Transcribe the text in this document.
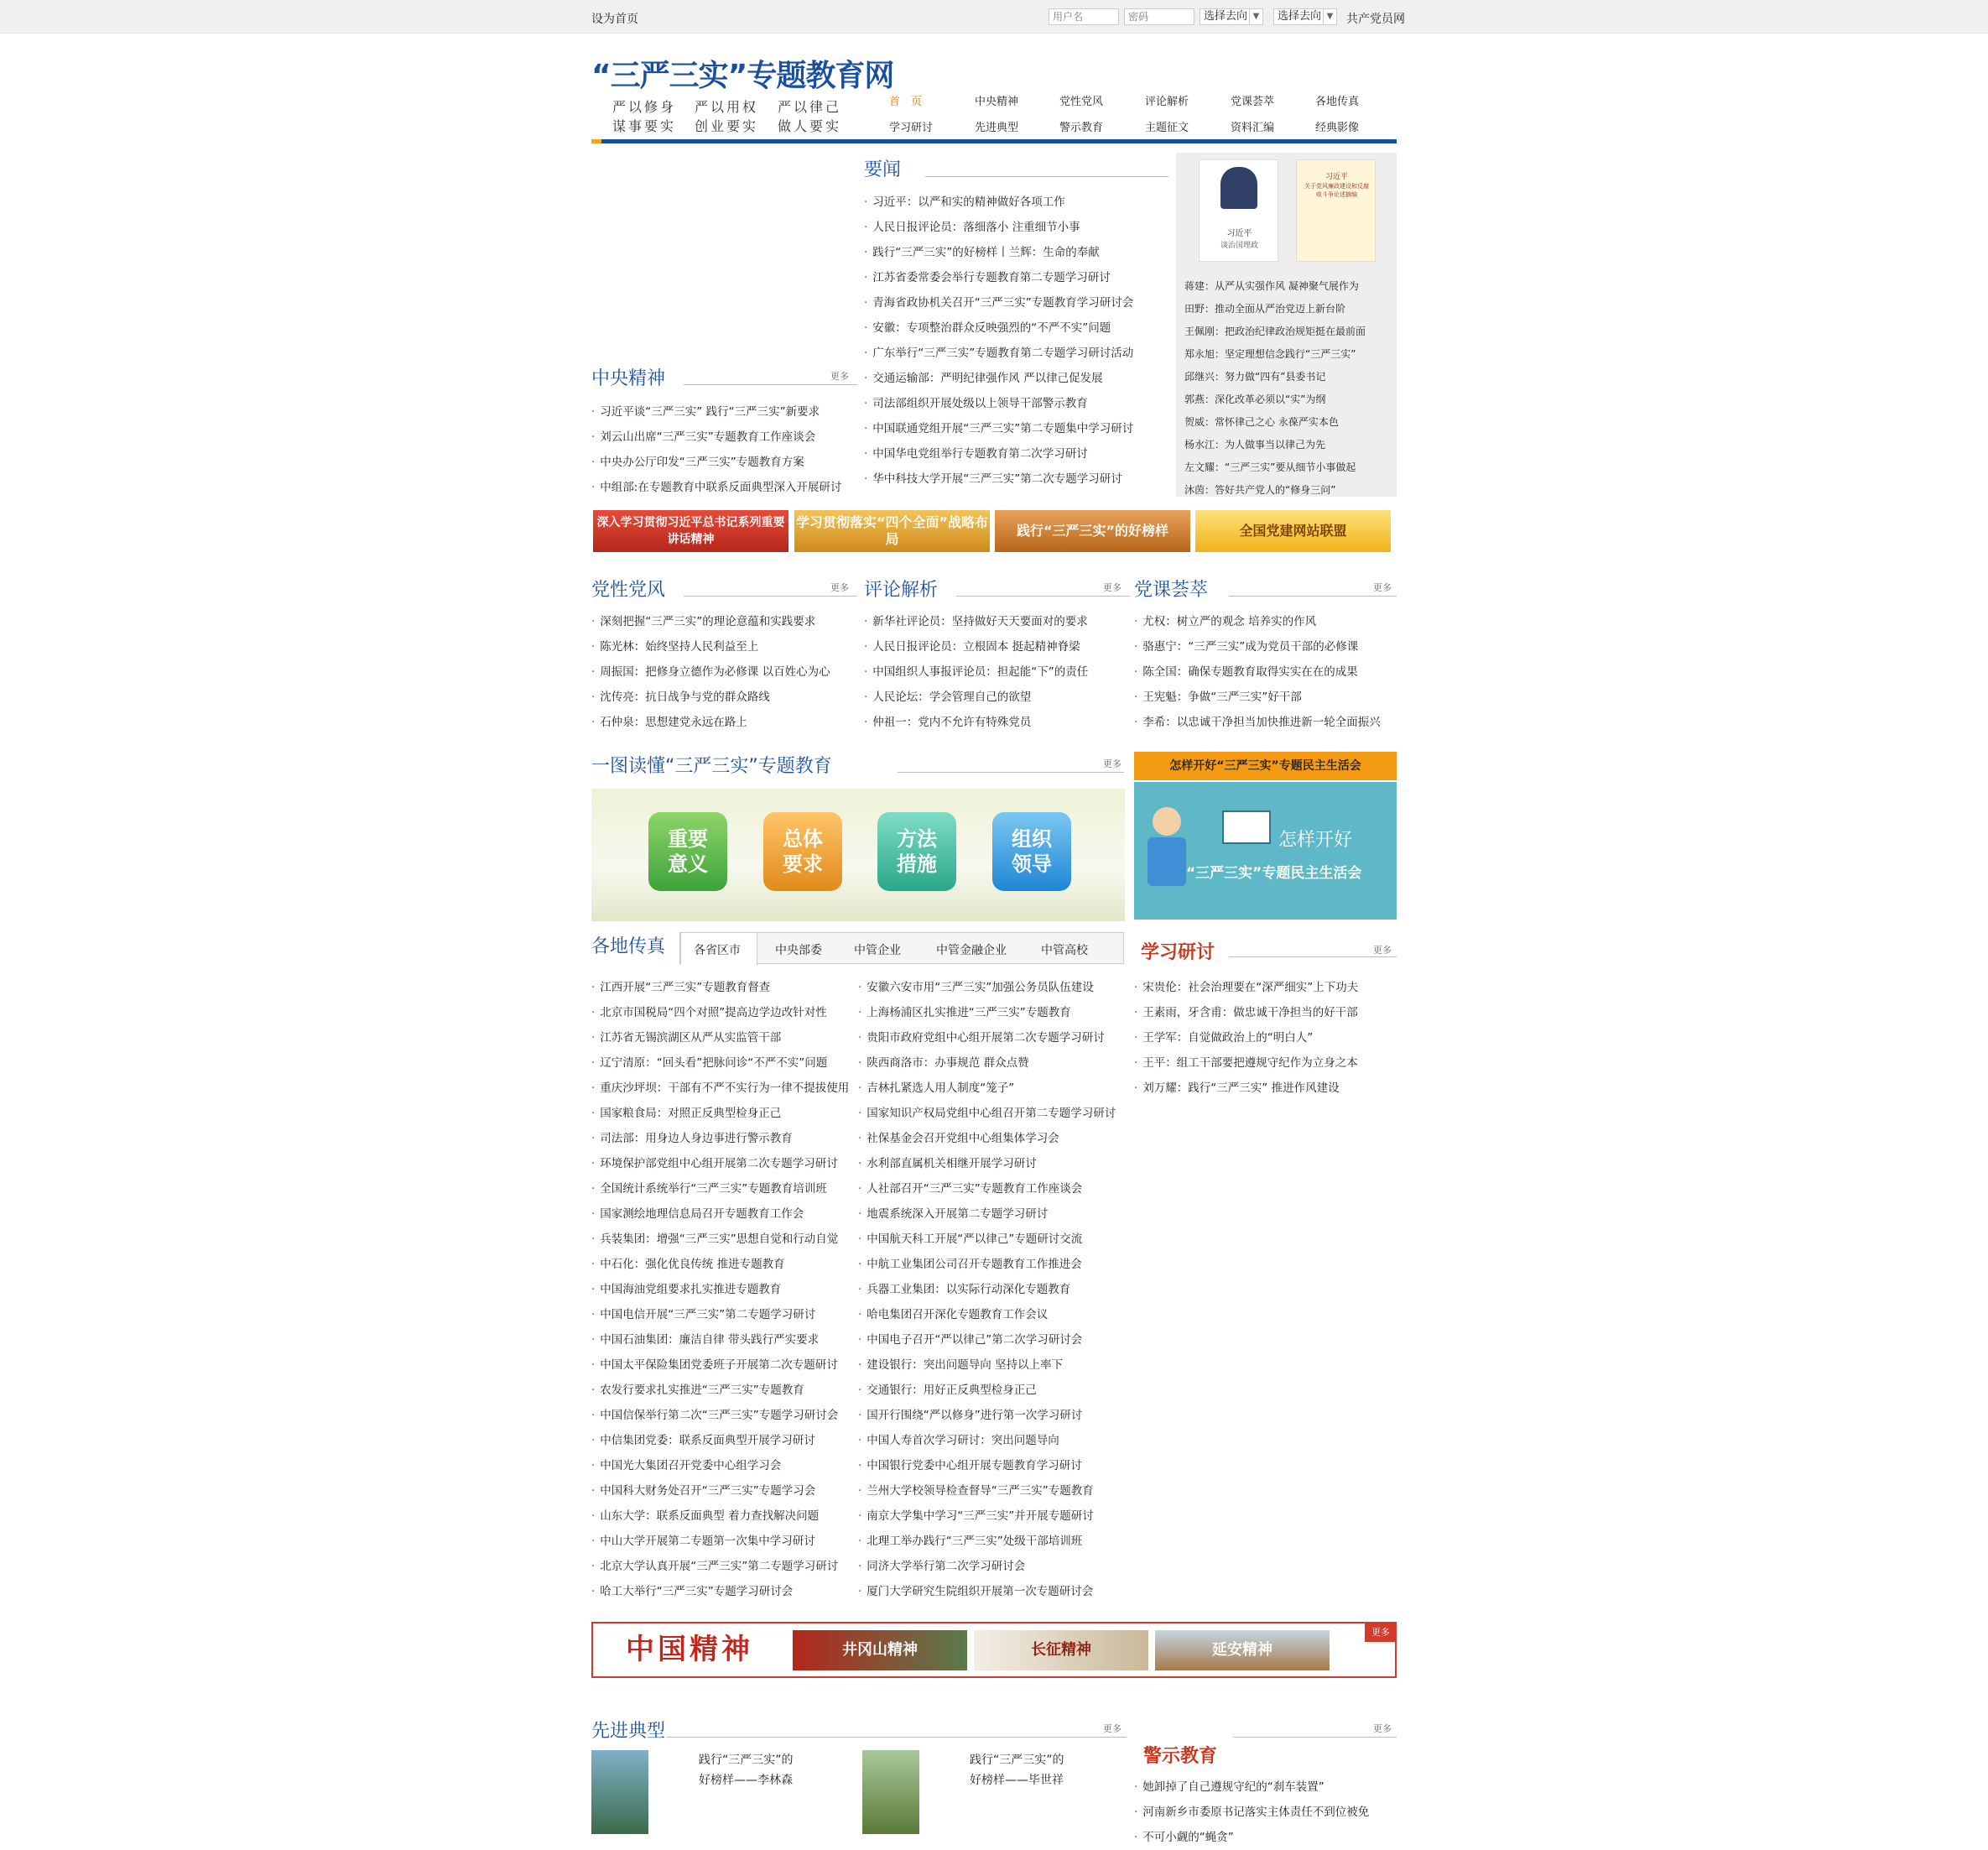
设为首页
用户名
密码	选择去向 ▼	选择去向 ▼ 共产党员网
“三严三实”专题教育网
严以修身 严以用权 严以律己
谋事要实 创业要实 做人要实
首　页	中央精神	党性党风	评论解析	党课荟萃	各地传真
学习研讨	先进典型	警示教育	主题征文	资料汇编	经典影像
要闻
· 习近平：以严和实的精神做好各项工作
· 人民日报评论员：落细落小 注重细节小事
· 践行“三严三实”的好榜样丨兰辉：生命的奉献
· 江苏省委常委会举行专题教育第二专题学习研讨
· 青海省政协机关召开“三严三实”专题教育学习研讨会
· 安徽：专项整治群众反映强烈的“不严不实”问题
· 广东举行“三严三实”专题教育第二专题学习研讨活动
· 交通运输部：严明纪律强作风 严以律己促发展
· 司法部组织开展处级以上领导干部警示教育
· 中国联通党组开展“三严三实”第二专题集中学习研讨
· 中国华电党组举行专题教育第二次学习研讨
· 华中科技大学开展“三严三实”第二次专题学习研讨
习近平
谈治国理政
习近平
关于党风廉政建设和反腐败斗争论述摘编
蒋建：从严从实强作风 凝神聚气展作为
田野：推动全面从严治党迈上新台阶
王佩刚：把政治纪律政治规矩挺在最前面
郑永旭：坚定理想信念践行“三严三实”
邱继兴：努力做“四有”县委书记
郭燕：深化改革必须以“实”为纲
贺威：常怀律己之心 永葆严实本色
杨水江：为人做事当以律己为先
左文耀：“三严三实”要从细节小事做起
沐茵：答好共产党人的“修身三问”
中央精神	更多
· 习近平谈“三严三实” 践行“三严三实”新要求
· 刘云山出席“三严三实”专题教育工作座谈会
· 中央办公厅印发“三严三实”专题教育方案
· 中组部:在专题教育中联系反面典型深入开展研讨
深入学习贯彻习近平总书记系列重要讲话精神
学习贯彻落实“四个全面”战略布局
践行“三严三实”的好榜样	全国党建网站联盟
党性党风	更多
· 深刻把握“三严三实”的理论意蕴和实践要求
· 陈光林：始终坚持人民利益至上
· 周振国：把修身立德作为必修课 以百姓心为心
· 沈传亮：抗日战争与党的群众路线
· 石仲泉：思想建党永远在路上
评论解析	更多
· 新华社评论员：坚持做好天天要面对的要求
· 人民日报评论员：立根固本 挺起精神脊梁
· 中国组织人事报评论员：担起能“下”的责任
· 人民论坛：学会管理自己的欲望
· 仲祖一：党内不允许有特殊党员
党课荟萃	更多
· 尤权：树立严的观念 培养实的作风
· 骆惠宁：“三严三实”成为党员干部的必修课
· 陈全国：确保专题教育取得实实在在的成果
· 王宪魁：争做“三严三实”好干部
· 李希：以忠诚干净担当加快推进新一轮全面振兴
一图读懂“三严三实”专题教育	更多
重要意义
总体要求
方法措施
组织领导
怎样开好“三严三实”专题民主生活会
怎样开好
“三严三实”专题民主生活会
各地传真 各省区市	中央部委	中管企业	中管金融企业	中管高校
· 江西开展“三严三实”专题教育督查
· 北京市国税局“四个对照”提高边学边改针对性
· 江苏省无锡滨湖区从严从实监管干部
· 辽宁清原：“回头看”把脉问诊“不严不实”问题
· 重庆沙坪坝：干部有不严不实行为一律不提拔使用
· 国家粮食局：对照正反典型检身正己
· 司法部：用身边人身边事进行警示教育
· 环境保护部党组中心组开展第二次专题学习研讨
· 全国统计系统举行“三严三实”专题教育培训班
· 国家测绘地理信息局召开专题教育工作会
· 兵装集团：增强“三严三实”思想自觉和行动自觉
· 中石化：强化优良传统 推进专题教育
· 中国海油党组要求扎实推进专题教育
· 中国电信开展“三严三实”第二专题学习研讨
· 中国石油集团：廉洁自律 带头践行严实要求
· 中国太平保险集团党委班子开展第二次专题研讨
· 农发行要求扎实推进“三严三实”专题教育
· 中国信保举行第二次“三严三实”专题学习研讨会
· 中信集团党委：联系反面典型开展学习研讨
· 中国光大集团召开党委中心组学习会
· 中国科大财务处召开“三严三实”专题学习会
· 山东大学：联系反面典型 着力查找解决问题
· 中山大学开展第二专题第一次集中学习研讨
· 北京大学认真开展“三严三实”第二专题学习研讨
· 哈工大举行“三严三实”专题学习研讨会
· 安徽六安市用“三严三实”加强公务员队伍建设
· 上海杨浦区扎实推进“三严三实”专题教育
· 贵阳市政府党组中心组开展第二次专题学习研讨
· 陕西商洛市：办事规范 群众点赞
· 吉林扎紧选人用人制度“笼子”
· 国家知识产权局党组中心组召开第二专题学习研讨
· 社保基金会召开党组中心组集体学习会
· 水利部直属机关相继开展学习研讨
· 人社部召开“三严三实”专题教育工作座谈会
· 地震系统深入开展第二专题学习研讨
· 中国航天科工开展“严以律己”专题研讨交流
· 中航工业集团公司召开专题教育工作推进会
· 兵器工业集团：以实际行动深化专题教育
· 哈电集团召开深化专题教育工作会议
· 中国电子召开“严以律己”第二次学习研讨会
· 建设银行：突出问题导向 坚持以上率下
· 交通银行：用好正反典型检身正己
· 国开行围绕“严以修身”进行第一次学习研讨
· 中国人寿首次学习研讨：突出问题导向
· 中国银行党委中心组开展专题教育学习研讨
· 兰州大学校领导检查督导“三严三实”专题教育
· 南京大学集中学习“三严三实”并开展专题研讨
· 北理工举办践行“三严三实”处级干部培训班
· 同济大学举行第二次学习研讨会
· 厦门大学研究生院组织开展第一次专题研讨会
学习研讨	更多
· 宋贵伦：社会治理要在“深严细实”上下功夫
· 王素雨，牙含甫：做忠诚干净担当的好干部
· 王学军：自觉做政治上的“明白人”
· 王平：组工干部要把遵规守纪作为立身之本
· 刘万耀：践行“三严三实” 推进作风建设
中国精神	井冈山精神	长征精神	延安精神
更多
先进典型	更多
践行“三严三实”的好榜样——李林森
践行“三严三实”的好榜样——毕世祥
警示教育
更多
· 她卸掉了自己遵规守纪的“刹车装置”
· 河南新乡市委原书记落实主体责任不到位被免
· 不可小觑的“蝇贪”
